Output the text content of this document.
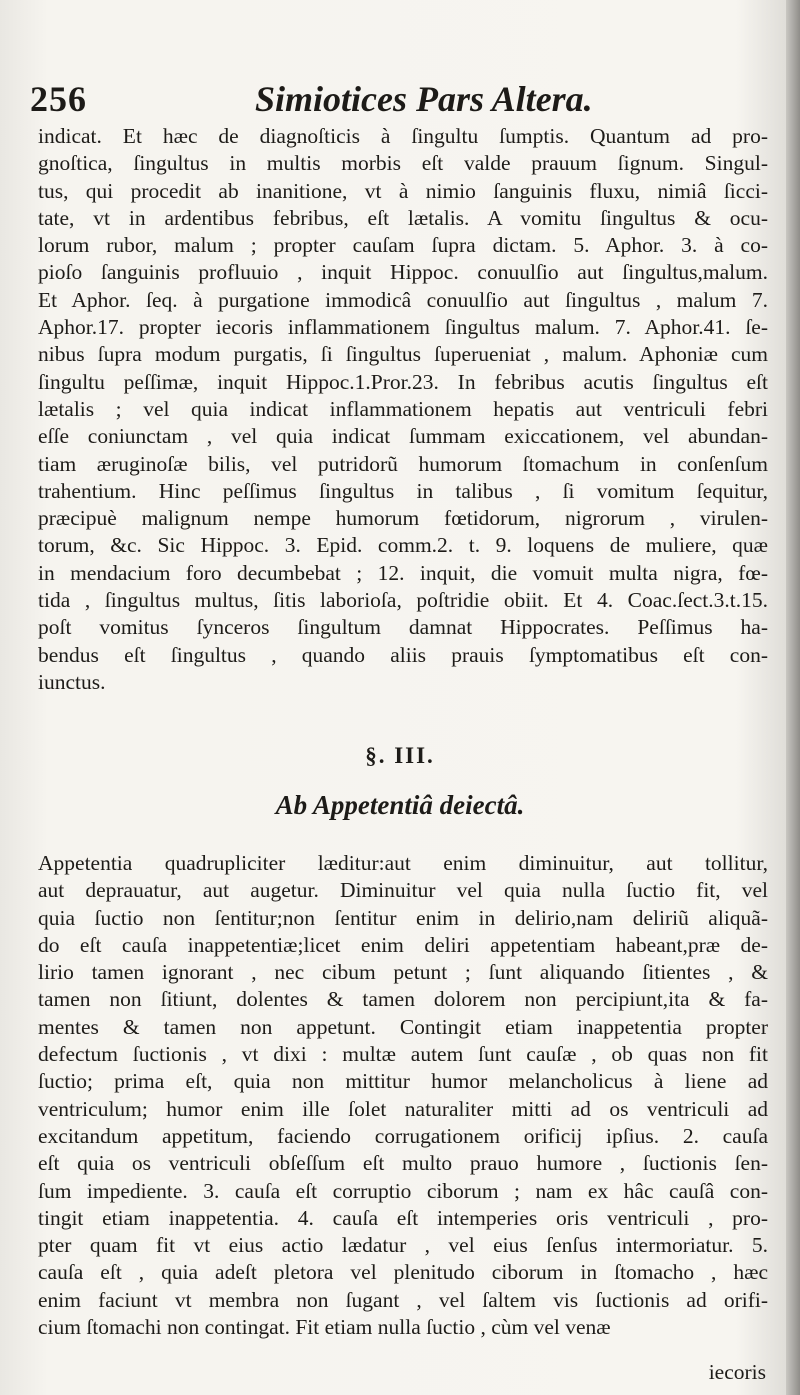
256	Simiotices Pars Altera.
indicat. Et hæc de diagnoſticis à ſingultu ſumptis. Quantum ad pro-
gnoſtica, ſingultus in multis morbis eſt valde prauum ſignum. Singul-
tus, qui procedit ab inanitione, vt à nimio ſanguinis fluxu, nimiâ ſicci-
tate, vt in ardentibus febribus, eſt lætalis. A vomitu ſingultus & ocu-
lorum rubor, malum ; propter cauſam ſupra dictam. 5. Aphor. 3. à co-
pioſo ſanguinis profluuio , inquit Hippoc. conuulſio aut ſingultus,malum.
Et Aphor. ſeq. à purgatione immodicâ conuulſio aut ſingultus , malum 7.
Aphor.17. propter iecoris inflammationem ſingultus malum. 7. Aphor.41. ſe-
nibus ſupra modum purgatis, ſi ſingultus ſuperueniat , malum. Aphoniæ cum
ſingultu peſſimæ, inquit Hippoc.1.Pror.23. In febribus acutis ſingultus eſt
lætalis ; vel quia indicat inflammationem hepatis aut ventriculi febri
eſſe coniunctam , vel quia indicat ſummam exiccationem, vel abundan-
tiam æruginoſæ bilis, vel putridorũ humorum ſtomachum in conſenſum
trahentium. Hinc peſſimus ſingultus in talibus , ſi vomitum ſequitur,
præcipuè malignum nempe humorum fœtidorum, nigrorum , virulen-
torum, &c. Sic Hippoc. 3. Epid. comm.2. t. 9. loquens de muliere, quæ
in mendacium foro decumbebat ; 12. inquit, die vomuit multa nigra, fœ-
tida , ſingultus multus, ſitis laborioſa, poſtridie obiit. Et 4. Coac.ſect.3.t.15.
poſt vomitus ſynceros ſingultum damnat Hippocrates. Peſſimus ha-
bendus eſt ſingultus , quando aliis prauis ſymptomatibus eſt con-
iunctus.
§. III.
Ab Appetentiâ deiectâ.
Appetentia quadrupliciter læditur:aut enim diminuitur, aut tollitur,
aut deprauatur, aut augetur. Diminuitur vel quia nulla ſuctio fit, vel
quia ſuctio non ſentitur;non ſentitur enim in delirio,nam deliriũ aliquã-
do eſt cauſa inappetentiæ;licet enim deliri appetentiam habeant,præ de-
lirio tamen ignorant , nec cibum petunt ; ſunt aliquando ſitientes , &
tamen non ſitiunt, dolentes & tamen dolorem non percipiunt,ita & fa-
mentes & tamen non appetunt. Contingit etiam inappetentia propter
defectum ſuctionis , vt dixi : multæ autem ſunt cauſæ , ob quas non fit
ſuctio; prima eſt, quia non mittitur humor melancholicus à liene ad
ventriculum; humor enim ille ſolet naturaliter mitti ad os ventriculi ad
excitandum appetitum, faciendo corrugationem orificij ipſius. 2. cauſa
eſt quia os ventriculi obſeſſum eſt multo prauo humore , ſuctionis ſen-
ſum impediente. 3. cauſa eſt corruptio ciborum ; nam ex hâc cauſâ con-
tingit etiam inappetentia. 4. cauſa eſt intemperies oris ventriculi , pro-
pter quam fit vt eius actio lædatur , vel eius ſenſus intermoriatur. 5.
cauſa eſt , quia adeſt pletora vel plenitudo ciborum in ſtomacho , hæc
enim faciunt vt membra non ſugant , vel ſaltem vis ſuctionis ad orifi-
cium ſtomachi non contingat. Fit etiam nulla ſuctio , cùm vel venæ
iecoris
